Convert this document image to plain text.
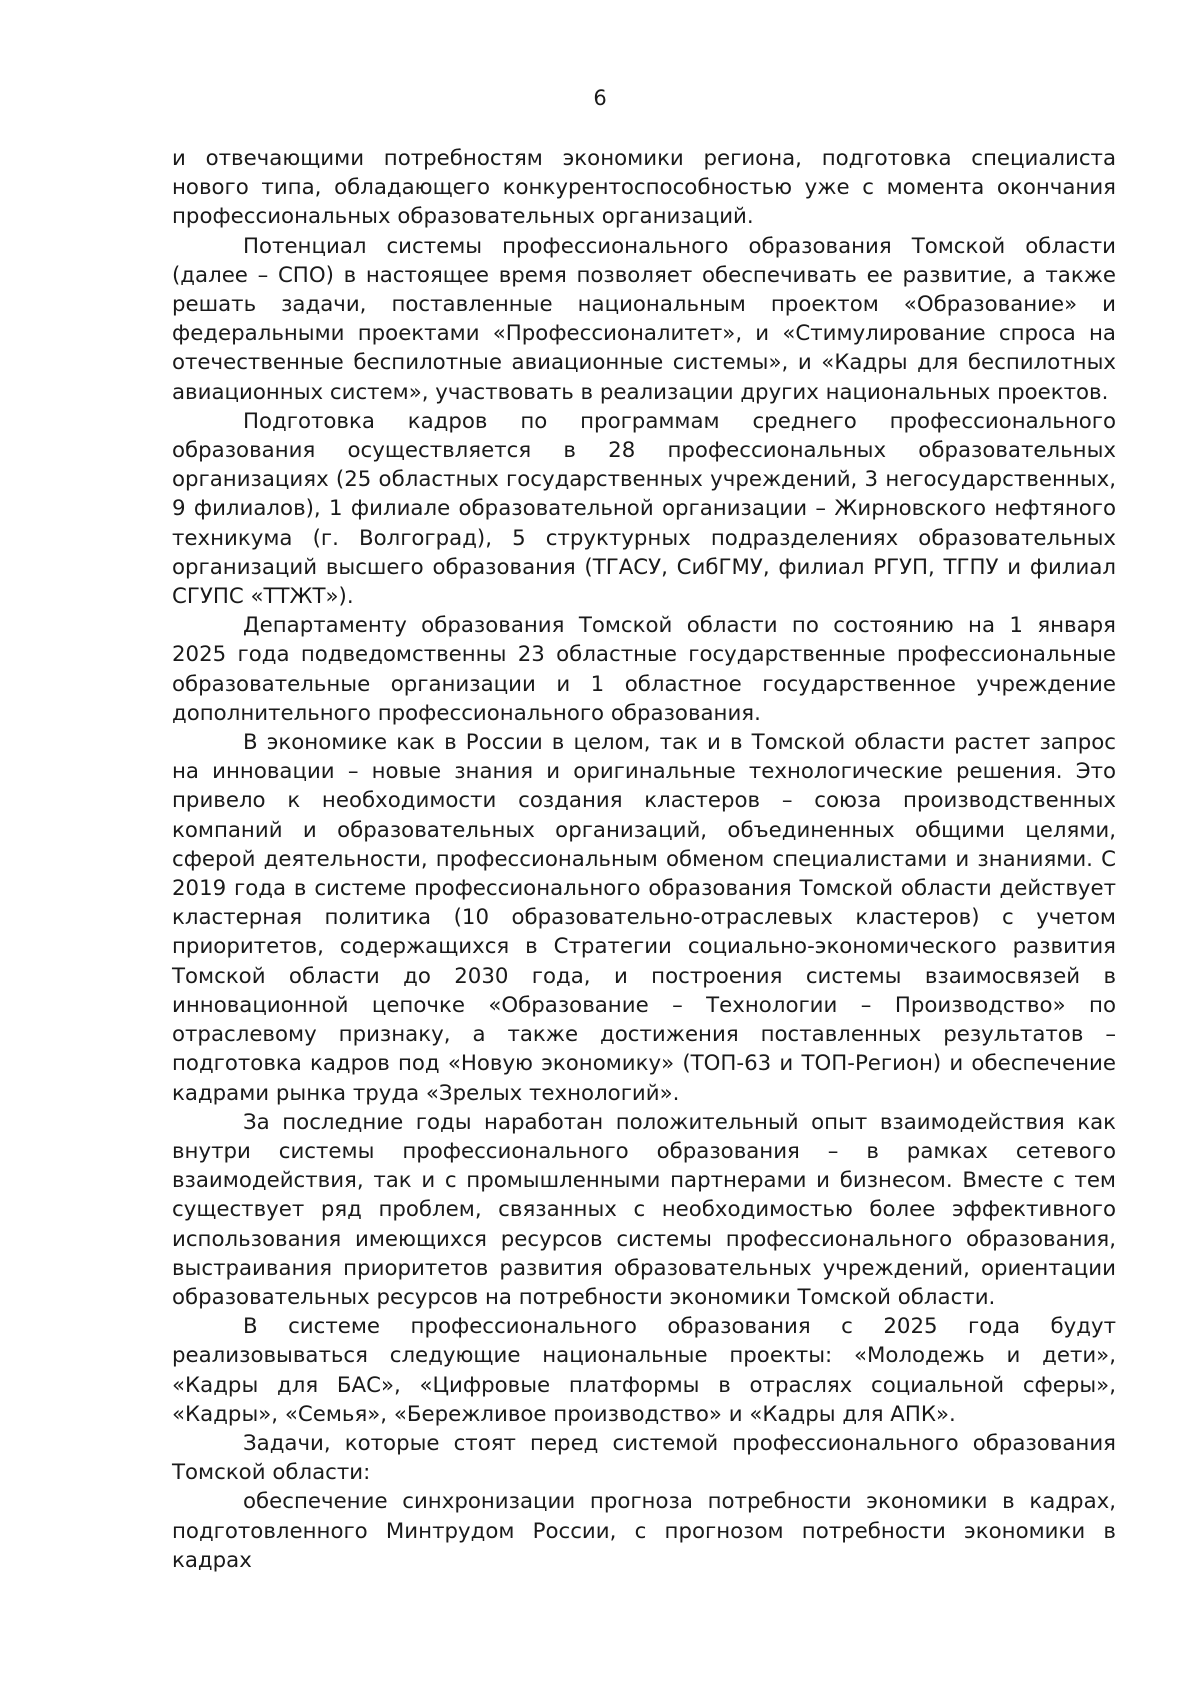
6

и отвечающими потребностям экономики региона, подготовка специалиста нового типа, обладающего конкурентоспособностью уже с момента окончания профессиональных образовательных организаций.

Потенциал системы профессионального образования Томской области (далее – СПО) в настоящее время позволяет обеспечивать ее развитие, а также решать задачи, поставленные национальным проектом «Образование» и федеральными проектами «Профессионалитет», и «Стимулирование спроса на отечественные беспилотные авиационные системы», и «Кадры для беспилотных авиационных систем», участвовать в реализации других национальных проектов.

Подготовка кадров по программам среднего профессионального образования осуществляется в 28 профессиональных образовательных организациях (25 областных государственных учреждений, 3 негосударственных, 9 филиалов), 1 филиале образовательной организации – Жирновского нефтяного техникума (г. Волгоград), 5 структурных подразделениях образовательных организаций высшего образования (ТГАСУ, СибГМУ, филиал РГУП, ТГПУ и филиал СГУПС «ТТЖТ»).

Департаменту образования Томской области по состоянию на 1 января 2025 года подведомственны 23 областные государственные профессиональные образовательные организации и 1 областное государственное учреждение дополнительного профессионального образования.

В экономике как в России в целом, так и в Томской области растет запрос на инновации – новые знания и оригинальные технологические решения. Это привело к необходимости создания кластеров – союза производственных компаний и образовательных организаций, объединенных общими целями, сферой деятельности, профессиональным обменом специалистами и знаниями. С 2019 года в системе профессионального образования Томской области действует кластерная политика (10 образовательно-отраслевых кластеров) с учетом приоритетов, содержащихся в Стратегии социально-экономического развития Томской области до 2030 года, и построения системы взаимосвязей в инновационной цепочке «Образование – Технологии – Производство» по отраслевому признаку, а также достижения поставленных результатов – подготовка кадров под «Новую экономику» (ТОП-63 и ТОП-Регион) и обеспечение кадрами рынка труда «Зрелых технологий».

За последние годы наработан положительный опыт взаимодействия как внутри системы профессионального образования – в рамках сетевого взаимодействия, так и с промышленными партнерами и бизнесом. Вместе с тем существует ряд проблем, связанных с необходимостью более эффективного использования имеющихся ресурсов системы профессионального образования, выстраивания приоритетов развития образовательных учреждений, ориентации образовательных ресурсов на потребности экономики Томской области.

В системе профессионального образования с 2025 года будут реализовываться следующие национальные проекты: «Молодежь и дети», «Кадры для БАС», «Цифровые платформы в отраслях социальной сферы», «Кадры», «Семья», «Бережливое производство» и «Кадры для АПК».

Задачи, которые стоят перед системой профессионального образования Томской области:

обеспечение синхронизации прогноза потребности экономики в кадрах, подготовленного Минтрудом России, с прогнозом потребности экономики в кадрах
